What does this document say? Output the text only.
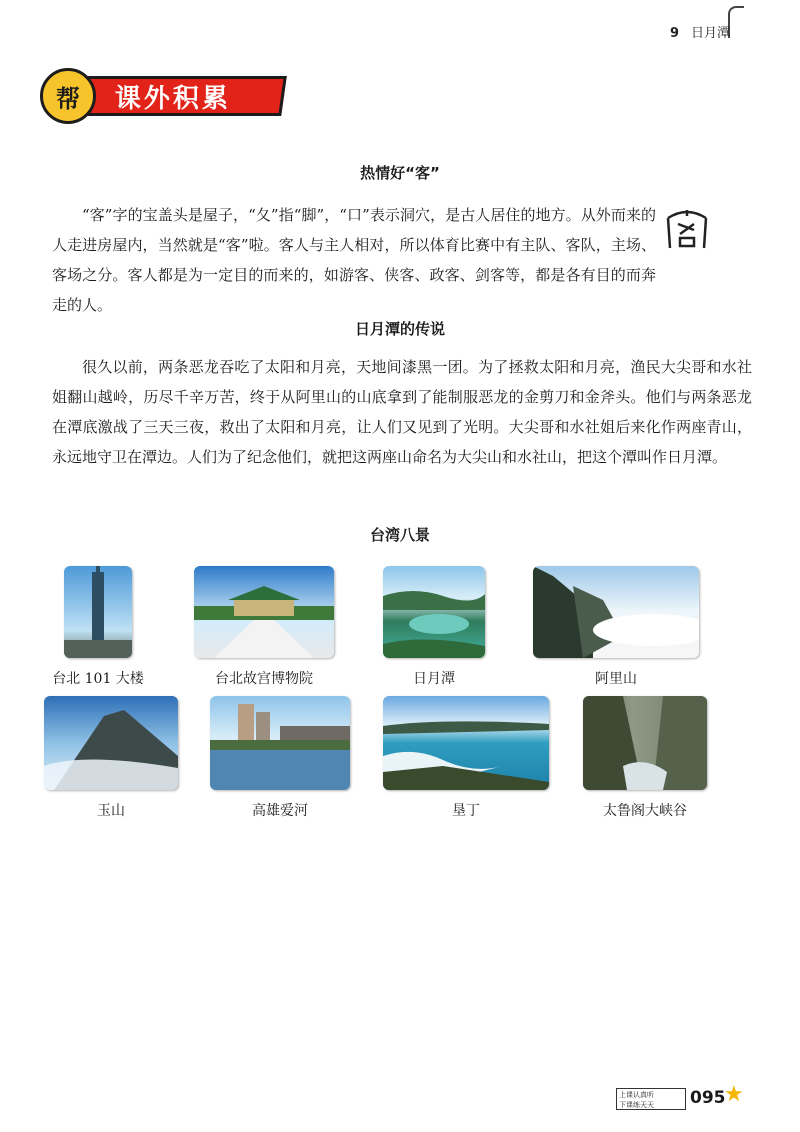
9 日月潭
课外积累
帮
热情好“客”

“客”字的宝盖头是屋子，“夂”指“脚”，“口”表示洞穴，是古人居住的地方。从外而来的人走进房屋内，当然就是“客”啦。客人与主人相对，所以体育比赛中有主队、客队，主场、客场之分。客人都是为一定目的而来的，如游客、侠客、政客、剑客等，都是各有目的而奔走的人。

日月潭的传说

很久以前，两条恶龙吞吃了太阳和月亮，天地间漆黑一团。为了拯救太阳和月亮，渔民大尖哥和水社姐翻山越岭，历尽千辛万苦，终于从阿里山的山底拿到了能制服恶龙的金剪刀和金斧头。他们与两条恶龙在潭底激战了三天三夜，救出了太阳和月亮，让人们又见到了光明。大尖哥和水社姐后来化作两座青山，永远地守卫在潭边。人们为了纪念他们，就把这两座山命名为大尖山和水社山，把这个潭叫作日月潭。

台湾八景
台北 101 大楼	台北故宫博物院	日月潭	阿里山
玉山	高雄爱河	垦丁	太鲁阁大峡谷
上课认真听
下课练天天	095
★
